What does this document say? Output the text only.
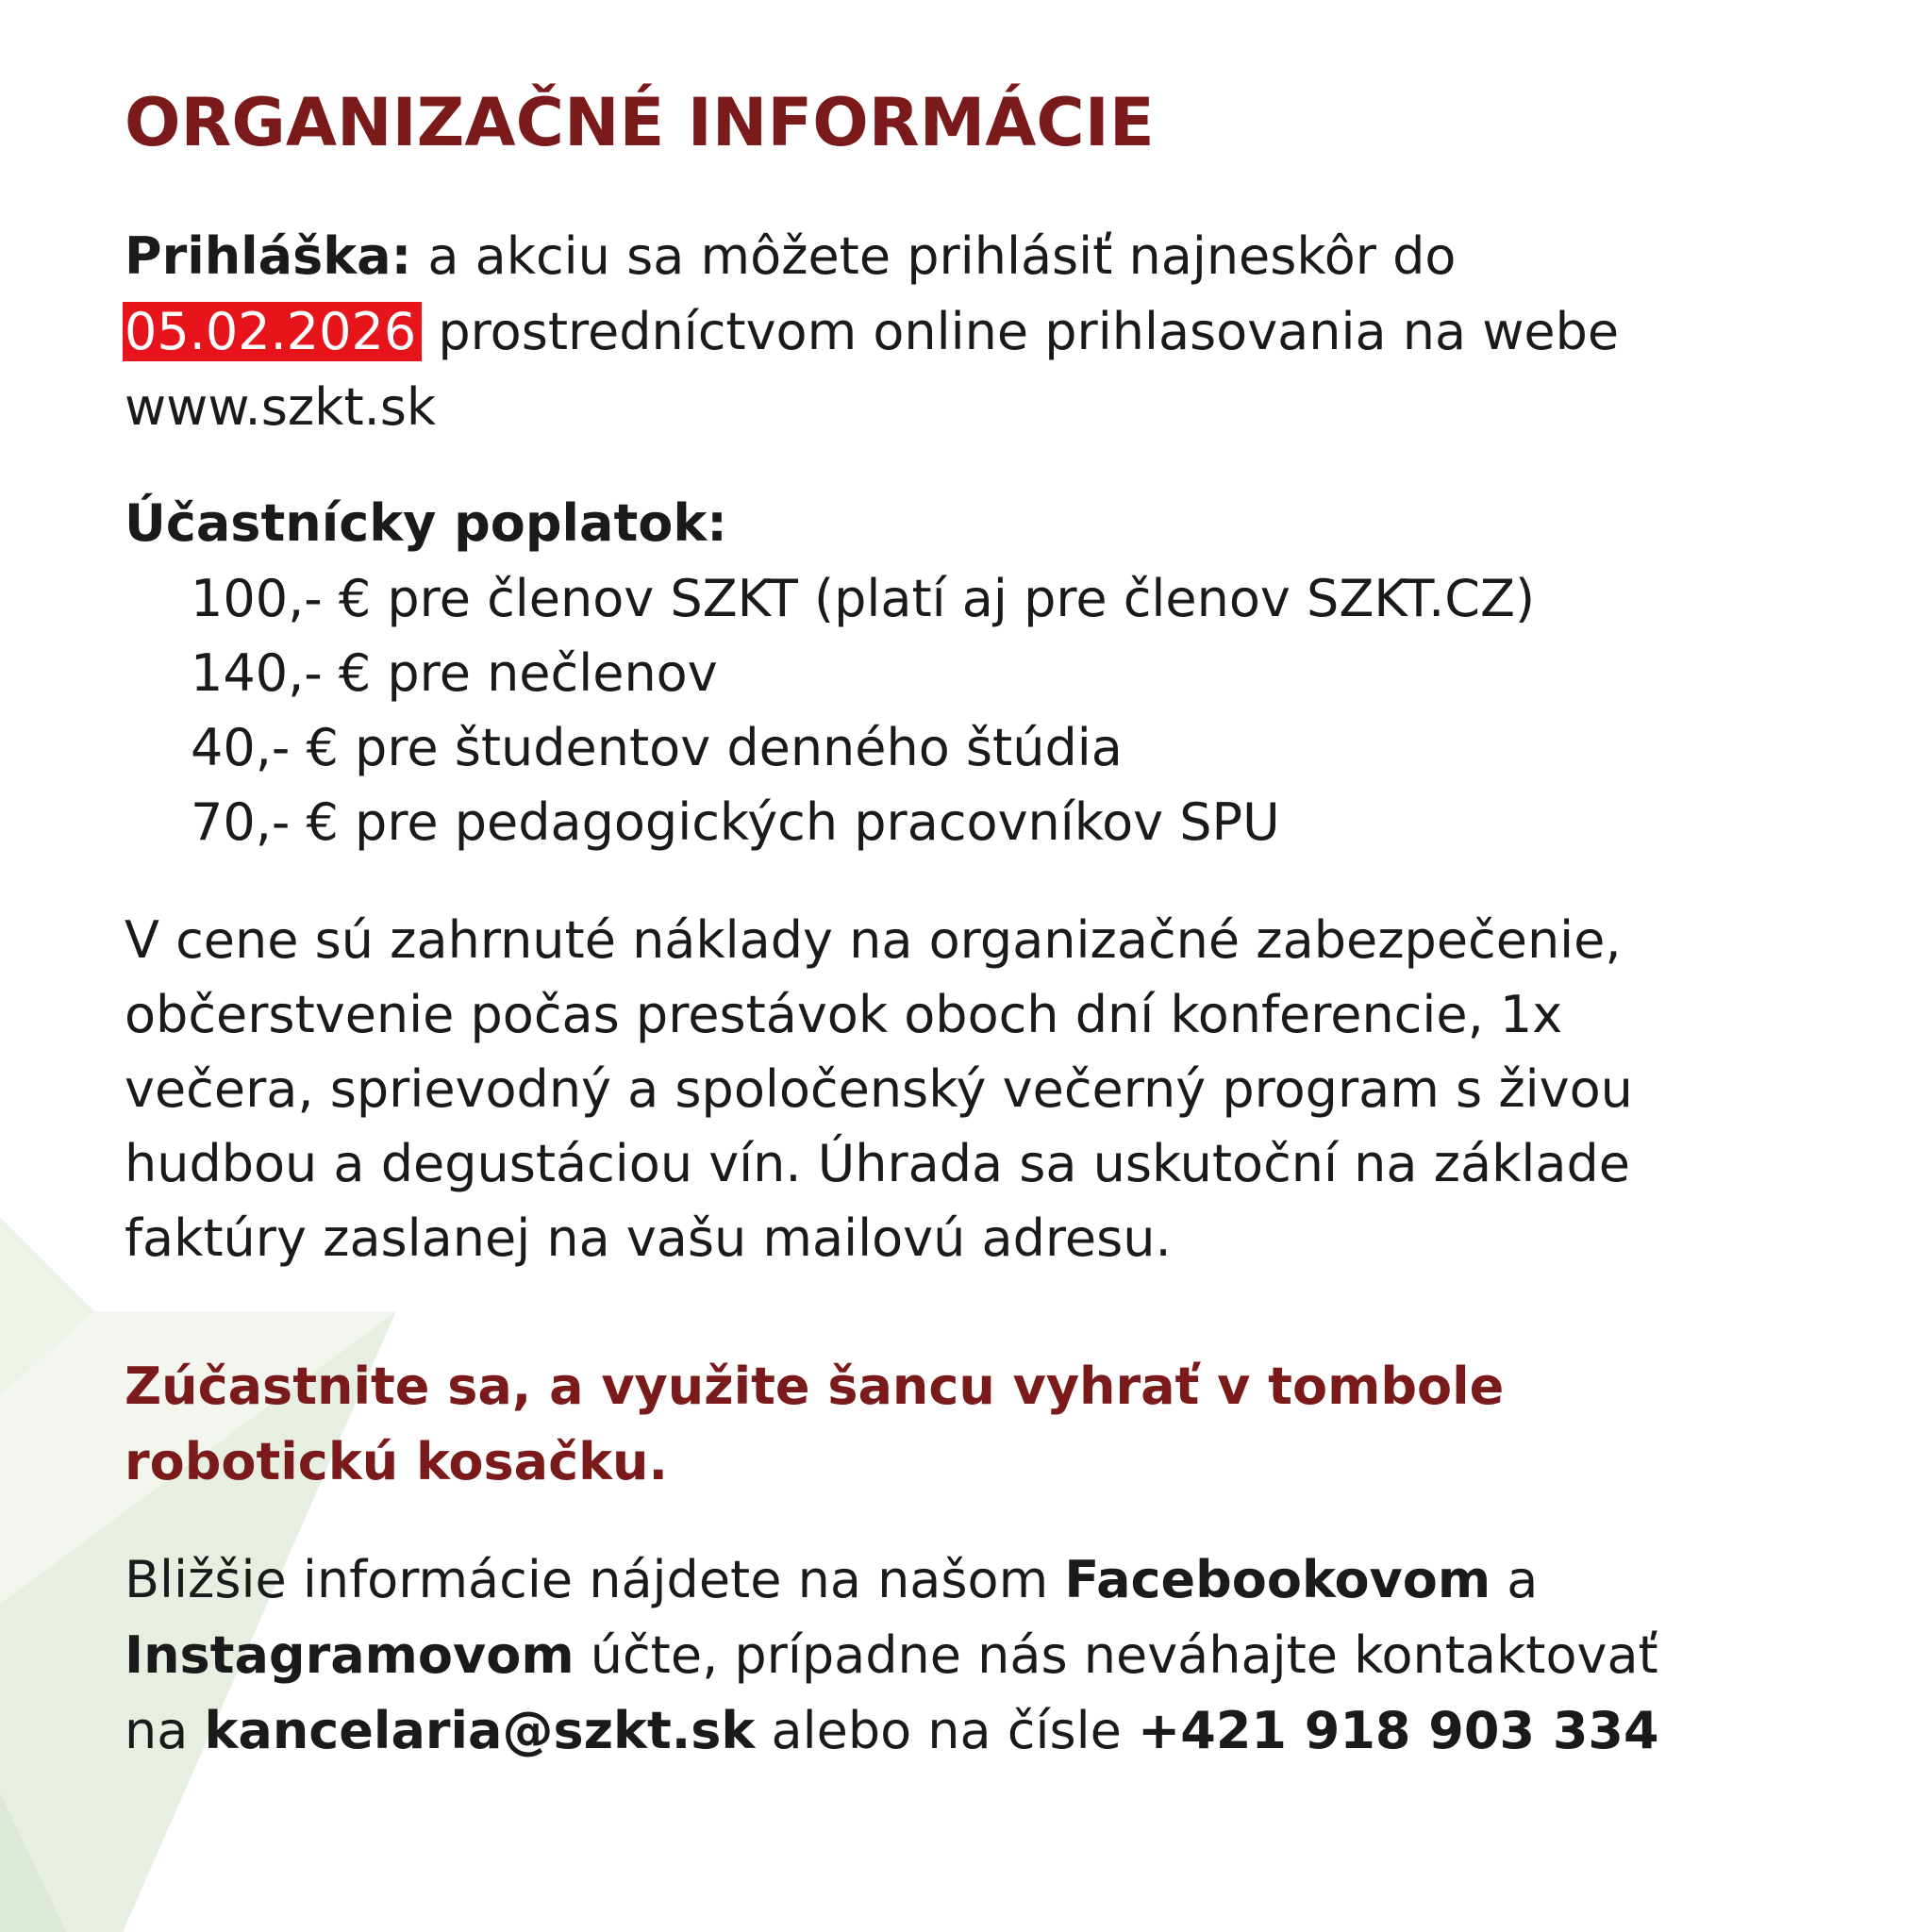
ORGANIZAČNÉ INFORMÁCIE

Prihláška: a akciu sa môžete prihlásiť najneskôr do

05.02.2026 prostredníctvom online prihlasovania na webe

www.szkt.sk

Účastnícky poplatok:

100,- € pre členov SZKT (platí aj pre členov SZKT.CZ)
140,- € pre nečlenov
40,- € pre študentov denného štúdia
70,- € pre pedagogických pracovníkov SPU

V cene sú zahrnuté náklady na organizačné zabezpečenie,

občerstvenie počas prestávok oboch dní konferencie, 1x

večera, sprievodný a spoločenský večerný program s živou

hudbou a degustáciou vín. Úhrada sa uskutoční na základe

faktúry zaslanej na vašu mailovú adresu.

Zúčastnite sa, a využite šancu vyhrať v tombole
robotickú kosačku.
Bližšie informácie nájdete na našom Facebookovom a
Instagramovom účte, prípadne nás neváhajte kontaktovať
na kancelaria@szkt.sk alebo na čísle +421 918 903 334
